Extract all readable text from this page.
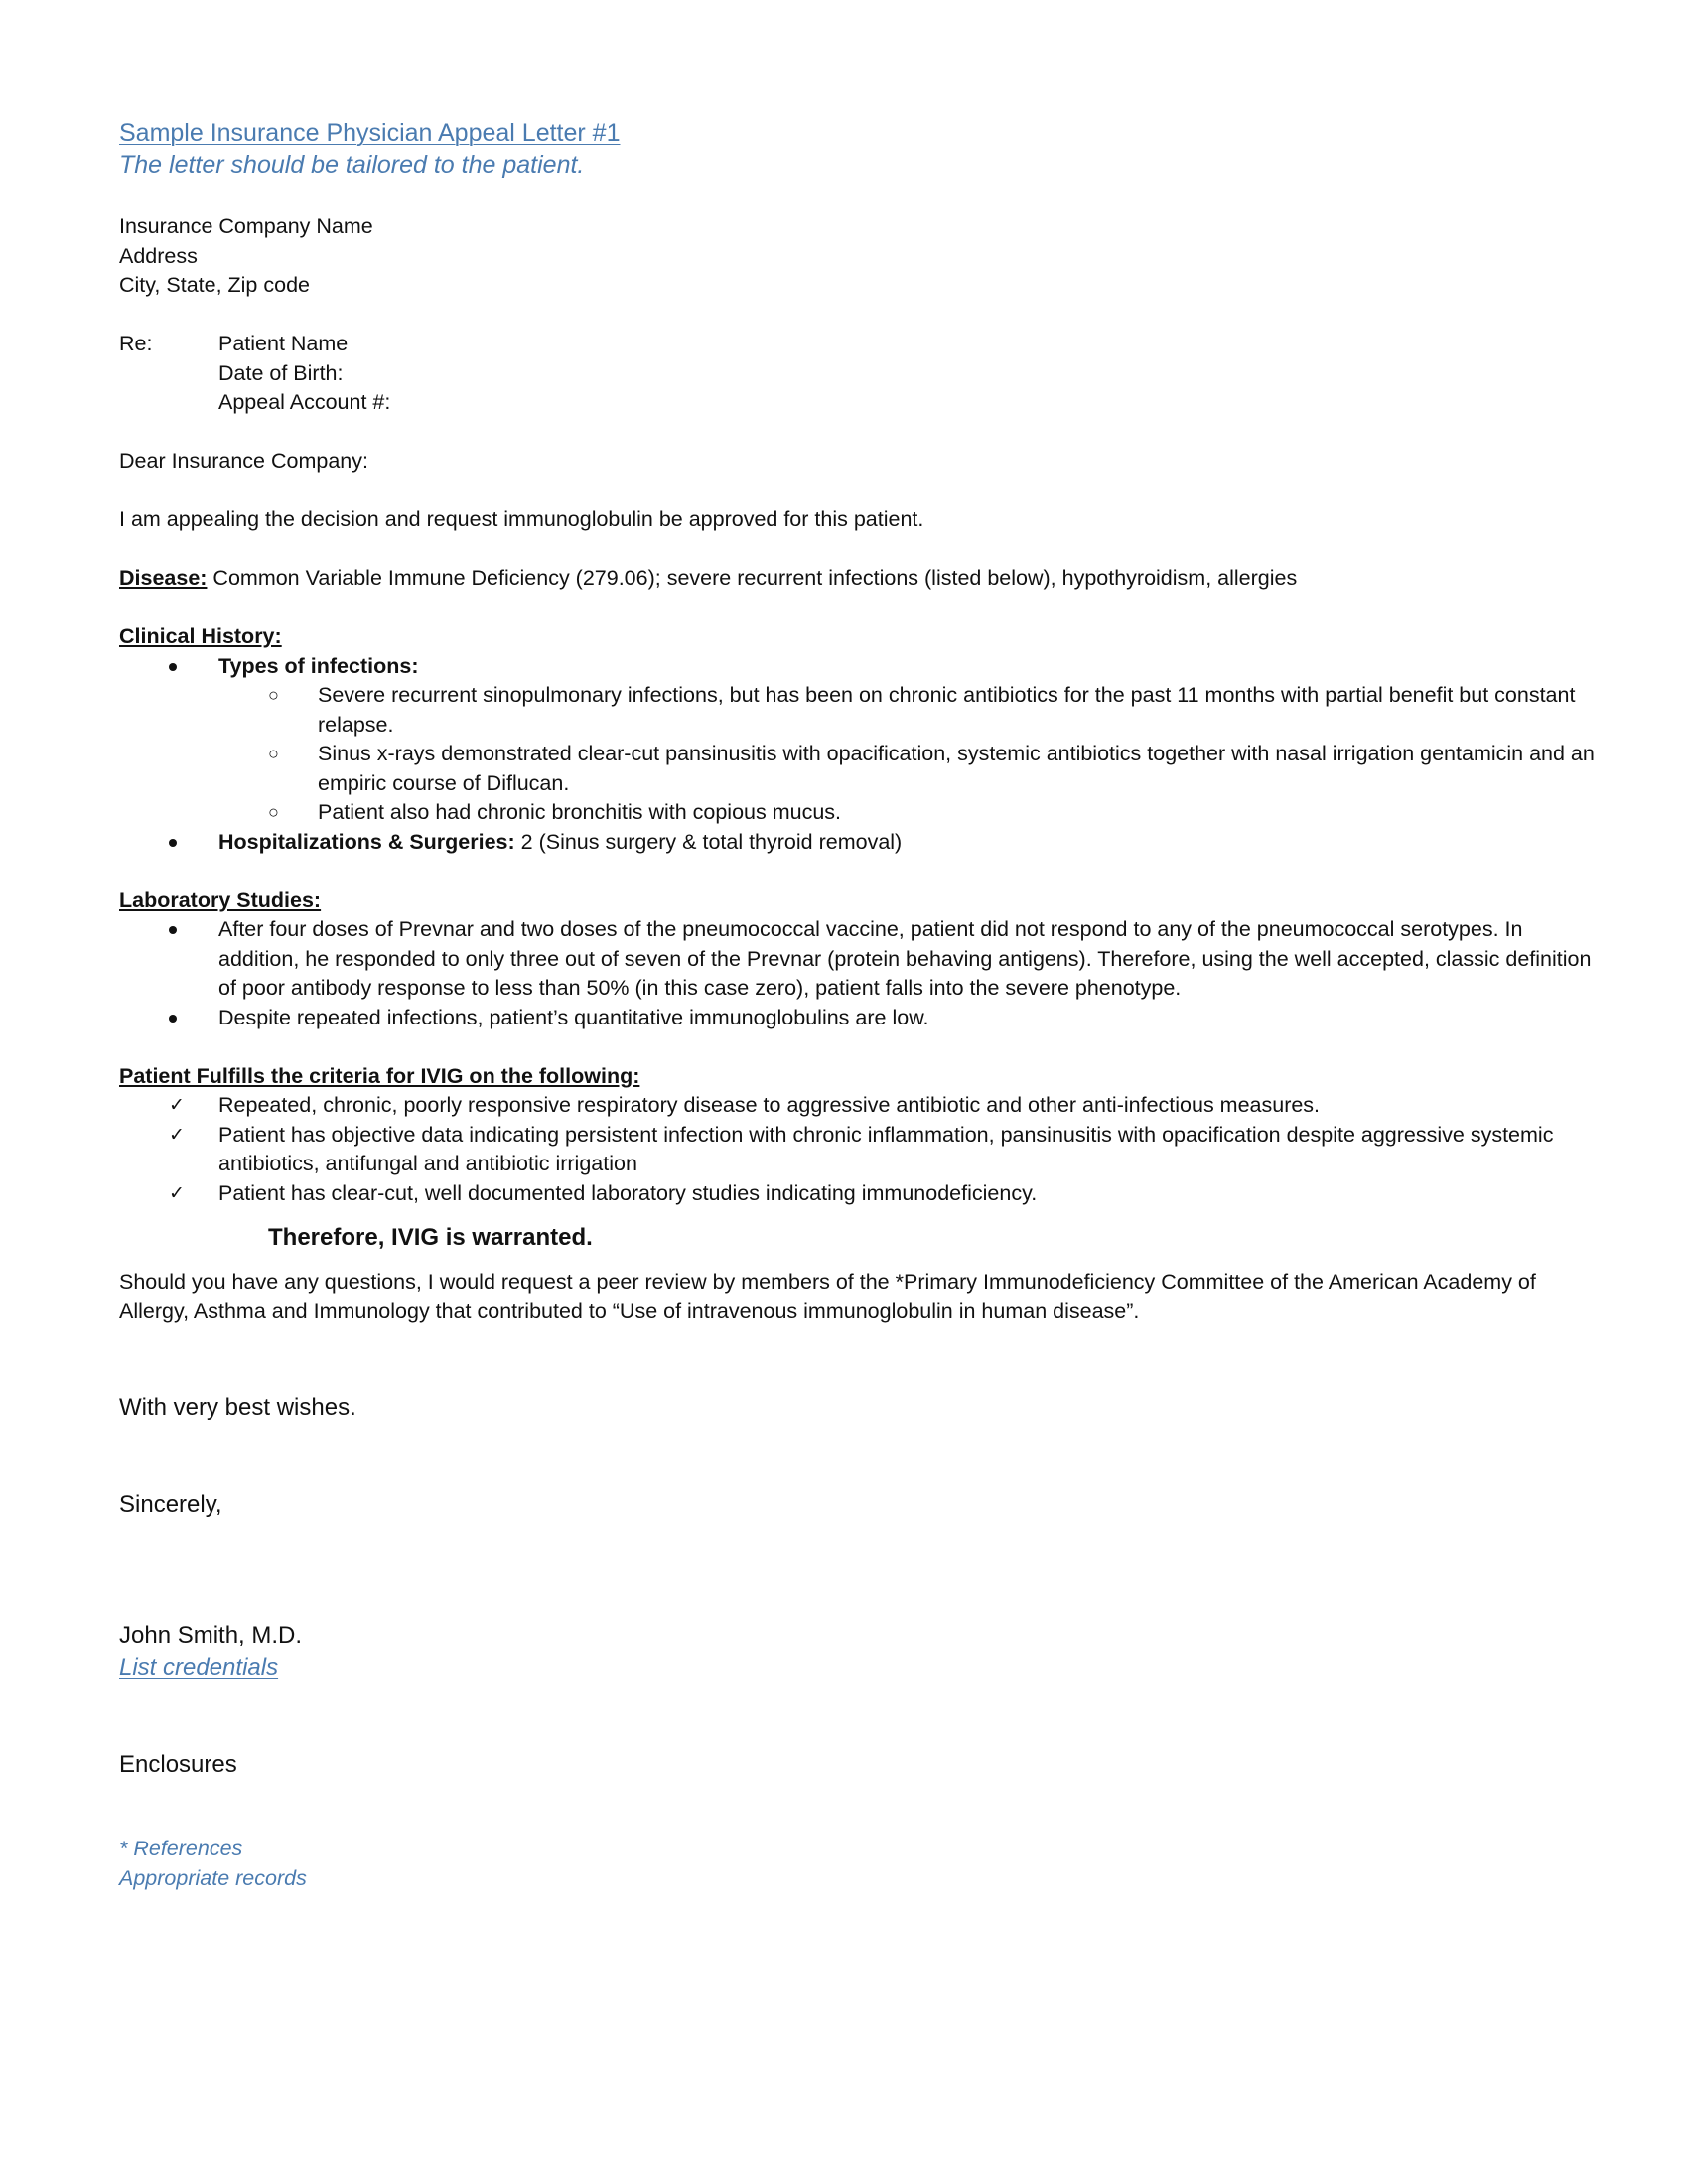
Sample Insurance Physician Appeal Letter #1
The letter should be tailored to the patient.
Insurance Company Name
Address
City, State, Zip code
Re:	Patient Name
Date of Birth:
Appeal Account #:
Dear Insurance Company:
I am appealing the decision and request immunoglobulin be approved for this patient.
Disease: Common Variable Immune Deficiency (279.06); severe recurrent infections (listed below), hypothyroidism, allergies
Clinical History:
Types of infections:
○ Severe recurrent sinopulmonary infections, but has been on chronic antibiotics for the past 11 months with partial benefit but constant relapse.
○ Sinus x-rays demonstrated clear-cut pansinusitis with opacification, systemic antibiotics together with nasal irrigation gentamicin and an empiric course of Diflucan.
○ Patient also had chronic bronchitis with copious mucus.
Hospitalizations & Surgeries: 2 (Sinus surgery & total thyroid removal)
Laboratory Studies:
After four doses of Prevnar and two doses of the pneumococcal vaccine, patient did not respond to any of the pneumococcal serotypes. In addition, he responded to only three out of seven of the Prevnar (protein behaving antigens). Therefore, using the well accepted, classic definition of poor antibody response to less than 50% (in this case zero), patient falls into the severe phenotype.
Despite repeated infections, patient’s quantitative immunoglobulins are low.
Patient Fulfills the criteria for IVIG on the following:
✓ Repeated, chronic, poorly responsive respiratory disease to aggressive antibiotic and other anti-infectious measures.
✓ Patient has objective data indicating persistent infection with chronic inflammation, pansinusitis with opacification despite aggressive systemic antibiotics, antifungal and antibiotic irrigation
✓ Patient has clear-cut, well documented laboratory studies indicating immunodeficiency.
Therefore, IVIG is warranted.
Should you have any questions, I would request a peer review by members of the *Primary Immunodeficiency Committee of the American Academy of Allergy, Asthma and Immunology that contributed to “Use of intravenous immunoglobulin in human disease”.
With very best wishes.
Sincerely,
John Smith, M.D.
List credentials
Enclosures
* References
Appropriate records
